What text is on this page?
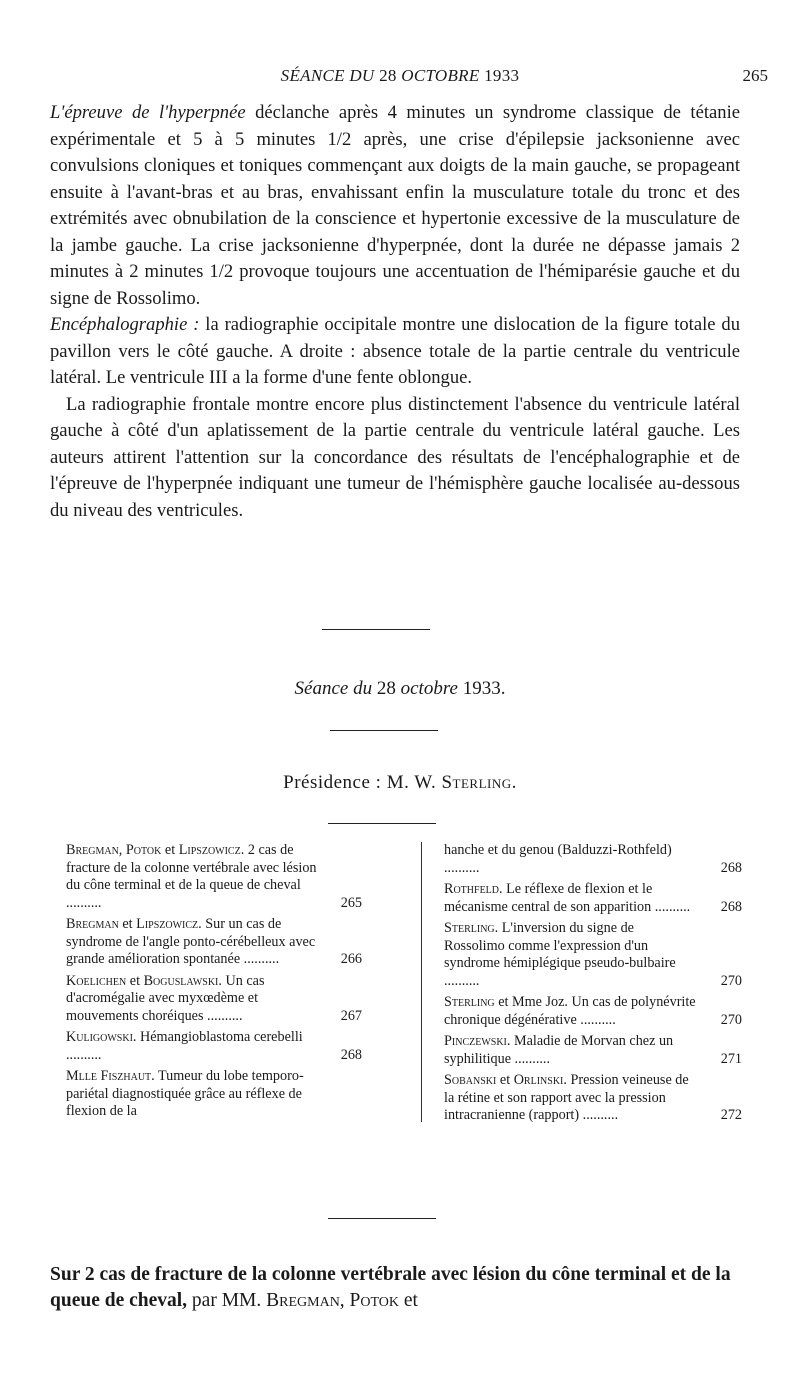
SÉANCE DU 28 OCTOBRE 1933	265

L'épreuve de l'hyperpnée déclanche après 4 minutes un syndrome classique de tétanie expérimentale et 5 à 5 minutes 1/2 après, une crise d'épilepsie jacksonienne avec convulsions cloniques et toniques commençant aux doigts de la main gauche, se propageant ensuite à l'avant-bras et au bras, envahissant enfin la musculature totale du tronc et des extrémités avec obnubilation de la conscience et hypertonie excessive de la musculature de la jambe gauche. La crise jacksonienne d'hyperpnée, dont la durée ne dépasse jamais 2 minutes à 2 minutes 1/2 provoque toujours une accentuation de l'hémiparésie gauche et du signe de Rossolimo.

Encéphalographie : la radiographie occipitale montre une dislocation de la figure totale du pavillon vers le côté gauche. A droite : absence totale de la partie centrale du ventricule latéral. Le ventricule III a la forme d'une fente oblongue.

La radiographie frontale montre encore plus distinctement l'absence du ventricule latéral gauche à côté d'un aplatissement de la partie centrale du ventricule latéral gauche. Les auteurs attirent l'attention sur la concordance des résultats de l'encéphalographie et de l'épreuve de l'hyperpnée indiquant une tumeur de l'hémisphère gauche localisée au-dessous du niveau des ventricules.

Séance du 28 octobre 1933.
Présidence : M. W. Sterling.
Bregman, Potok et Lipszowicz. 2 cas de fracture de la colonne vertébrale avec lésion du cône terminal et de la queue de cheval ..........	265
Bregman et Lipszowicz. Sur un cas de syndrome de l'angle ponto-cérébelleux avec grande amélioration spontanée ..........	266
Koelichen et Boguslawski. Un cas d'acromégalie avec myxœdème et mouvements choréiques ..........	267
Kuligowski. Hémangioblastoma cerebelli ..........	268
Mlle Fiszhaut. Tumeur du lobe temporo-pariétal diagnostiquée grâce au réflexe de flexion de la
hanche et du genou (Balduzzi-Rothfeld) ..........	268
Rothfeld. Le réflexe de flexion et le mécanisme central de son apparition ..........	268
Sterling. L'inversion du signe de Rossolimo comme l'expression d'un syndrome hémiplégique pseudo-bulbaire ..........	270
Sterling et Mme Joz. Un cas de polynévrite chronique dégénérative ..........	270
Pinczewski. Maladie de Morvan chez un syphilitique ..........	271
Sobanski et Orlinski. Pression veineuse de la rétine et son rapport avec la pression intracranienne (rapport) ..........	272
Sur 2 cas de fracture de la colonne vertébrale avec lésion du cône terminal et de la queue de cheval, par MM. Bregman, Potok et
